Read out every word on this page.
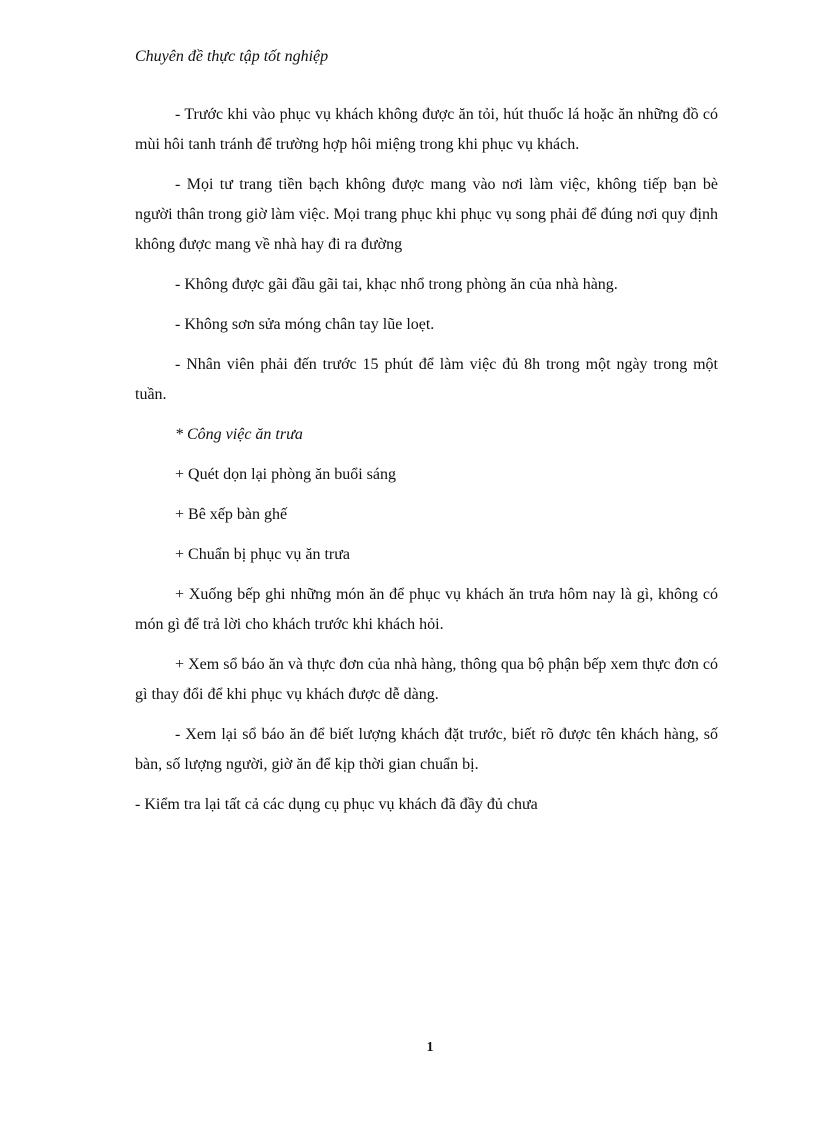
Chuyên đề thực tập tốt nghiệp

- Trước khi vào phục vụ khách không được ăn tỏi, hút thuốc lá hoặc ăn những đồ có mùi hôi tanh tránh để trường hợp hôi miệng trong khi phục vụ khách.

- Mọi tư trang tiền bạch không được mang vào nơi làm việc, không tiếp bạn bè người thân trong giờ làm việc. Mọi trang phục khi phục vụ song phải để đúng nơi quy định không được mang về nhà hay đi ra đường

- Không được gãi đầu gãi tai, khạc nhổ trong phòng ăn của nhà hàng.

- Không sơn sửa móng chân tay lũe loẹt.

- Nhân viên phải đến trước 15 phút để làm việc đủ 8h trong một ngày trong một tuần.

* Công việc ăn trưa

+ Quét dọn lại phòng ăn buổi sáng

+ Bê xếp bàn ghế

+ Chuẩn bị phục vụ ăn trưa

+ Xuống bếp ghi những món ăn để phục vụ khách ăn trưa hôm nay là gì, không có món gì để trả lời cho khách trước khi khách hỏi.

+ Xem sổ báo ăn và thực đơn của nhà hàng, thông qua bộ phận bếp xem thực đơn có gì thay đổi để khi phục vụ khách được dễ dàng.

- Xem lại sổ báo ăn để biết lượng khách đặt trước, biết rõ được tên khách hàng, số bàn, số lượng người, giờ ăn để kịp thời gian chuẩn bị.

- Kiểm tra lại tất cả các dụng cụ phục vụ khách đã đầy đủ chưa

1
